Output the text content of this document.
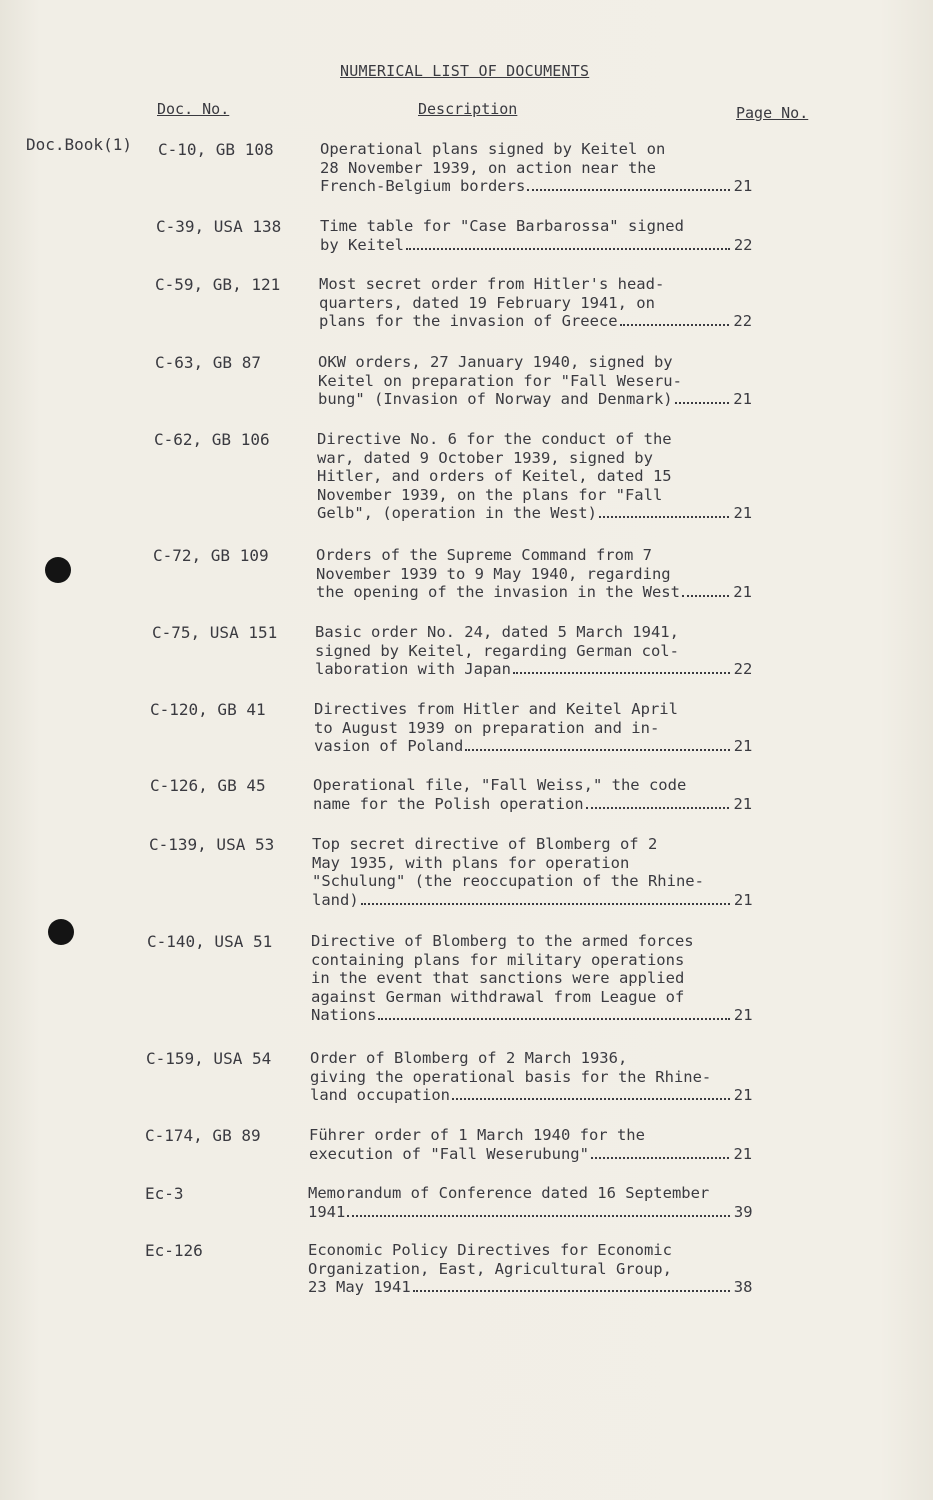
NUMERICAL LIST OF DOCUMENTS
Doc. No.	Description	Page No.
Doc.Book(1) C-10, GB 108	Operational plans signed by Keitel on
28 November 1939, on action near the
French-Belgium borders	21
C-39, USA 138	Time table for "Case Barbarossa" signed
by Keitel	22
C-59, GB, 121	Most secret order from Hitler's head-
quarters, dated 19 February 1941, on
plans for the invasion of Greece	22
C-63, GB 87	OKW orders, 27 January 1940, signed by
Keitel on preparation for "Fall Weseru-
bung" (Invasion of Norway and Denmark)	21
C-62, GB 106	Directive No. 6 for the conduct of the
war, dated 9 October 1939, signed by
Hitler, and orders of Keitel, dated 15
November 1939, on the plans for "Fall
Gelb", (operation in the West)	21
C-72, GB 109	Orders of the Supreme Command from 7
November 1939 to 9 May 1940, regarding
the opening of the invasion in the West	21
C-75, USA 151 Basic order No. 24, dated 5 March 1941,
signed by Keitel, regarding German col-
laboration with Japan	22
C-120, GB 41	Directives from Hitler and Keitel April
to August 1939 on preparation and in-
vasion of Poland	21
C-126, GB 45	Operational file, "Fall Weiss," the code
name for the Polish operation	21
C-139, USA 53 Top secret directive of Blomberg of 2
May 1935, with plans for operation
"Schulung" (the reoccupation of the Rhine-
land)	21
C-140, USA 51	Directive of Blomberg to the armed forces
containing plans for military operations
in the event that sanctions were applied
against German withdrawal from League of
Nations	21
C-159, USA 54	Order of Blomberg of 2 March 1936,
giving the operational basis for the Rhine-
land occupation	21
C-174, GB 89	Führer order of 1 March 1940 for the
execution of "Fall Weserubung"	21
Ec-3	Memorandum of Conference dated 16 September
1941	39
Ec-126	Economic Policy Directives for Economic
Organization, East, Agricultural Group,
23 May 1941	38
